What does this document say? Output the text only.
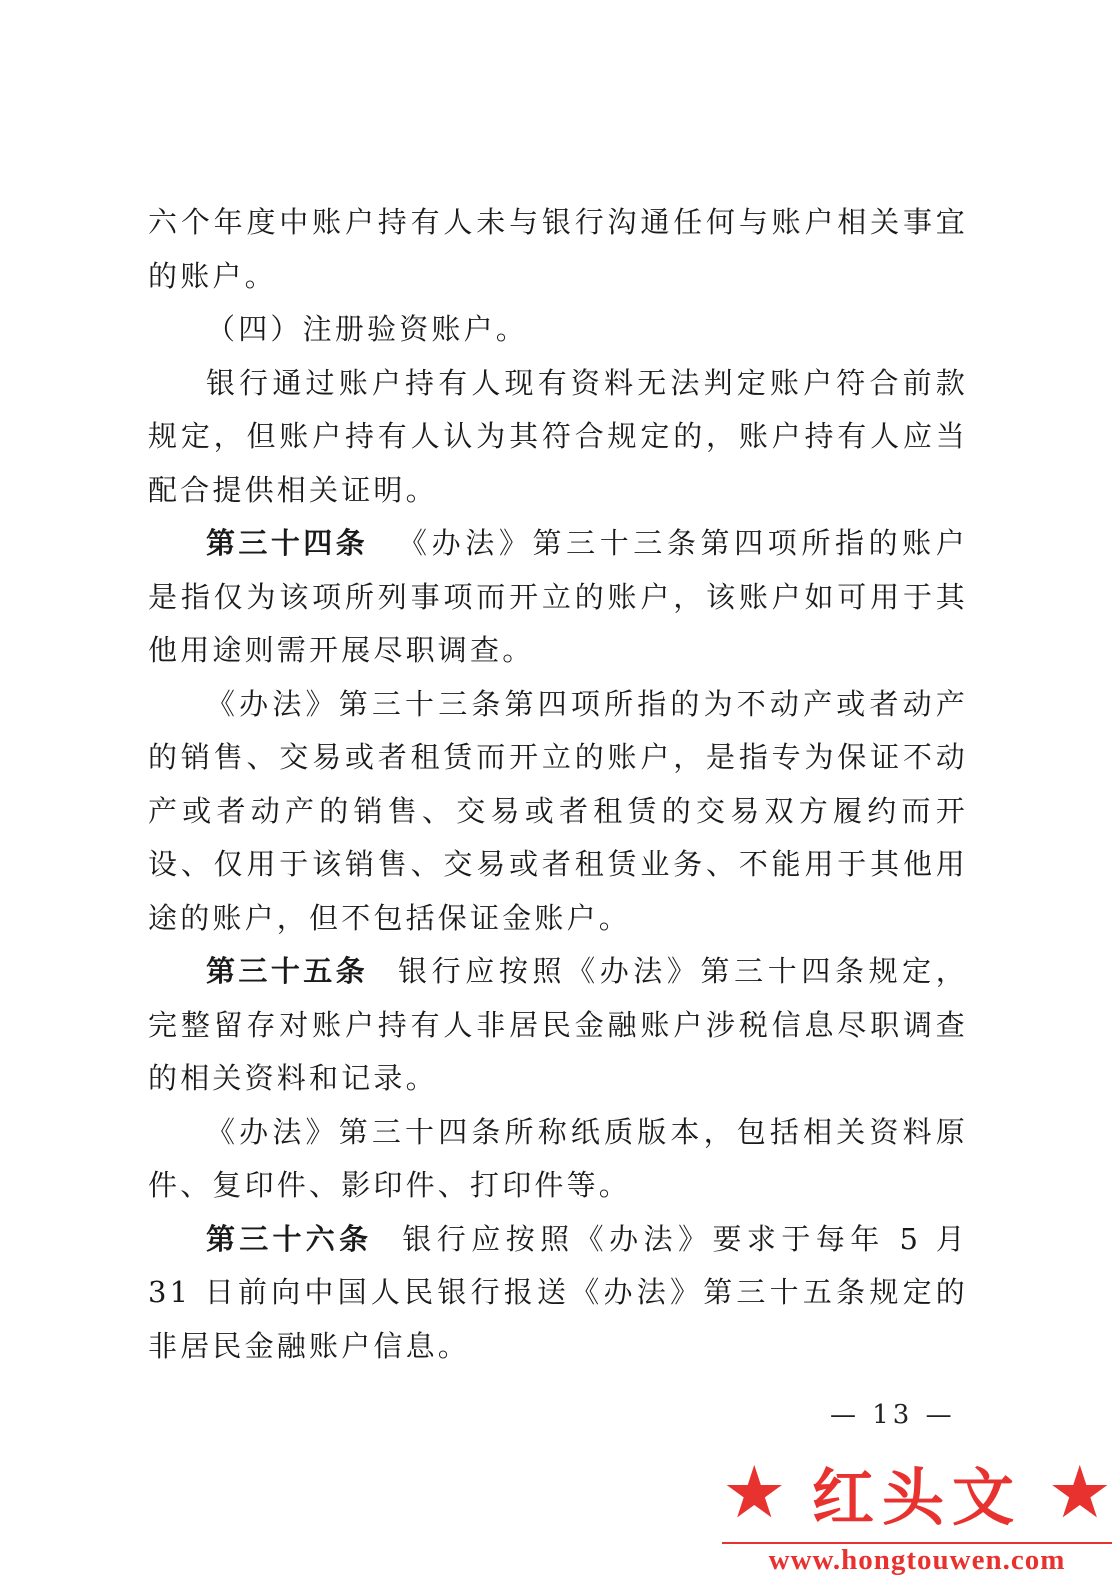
六个年度中账户持有人未与银行沟通任何与账户相关事宜的账户。

（四）注册验资账户。

银行通过账户持有人现有资料无法判定账户符合前款规定，但账户持有人认为其符合规定的，账户持有人应当配合提供相关证明。

第三十四条 《办法》第三十三条第四项所指的账户是指仅为该项所列事项而开立的账户，该账户如可用于其他用途则需开展尽职调查。

《办法》第三十三条第四项所指的为不动产或者动产的销售、交易或者租赁而开立的账户，是指专为保证不动产或者动产的销售、交易或者租赁的交易双方履约而开设、仅用于该销售、交易或者租赁业务、不能用于其他用途的账户，但不包括保证金账户。

第三十五条 银行应按照《办法》第三十四条规定，完整留存对账户持有人非居民金融账户涉税信息尽职调查的相关资料和记录。

《办法》第三十四条所称纸质版本，包括相关资料原件、复印件、影印件、打印件等。

第三十六条 银行应按照《办法》要求于每年 5 月 31 日前向中国人民银行报送《办法》第三十五条规定的非居民金融账户信息。

— 13 —
★ 红头文 ★
www.hongtouwen.com
